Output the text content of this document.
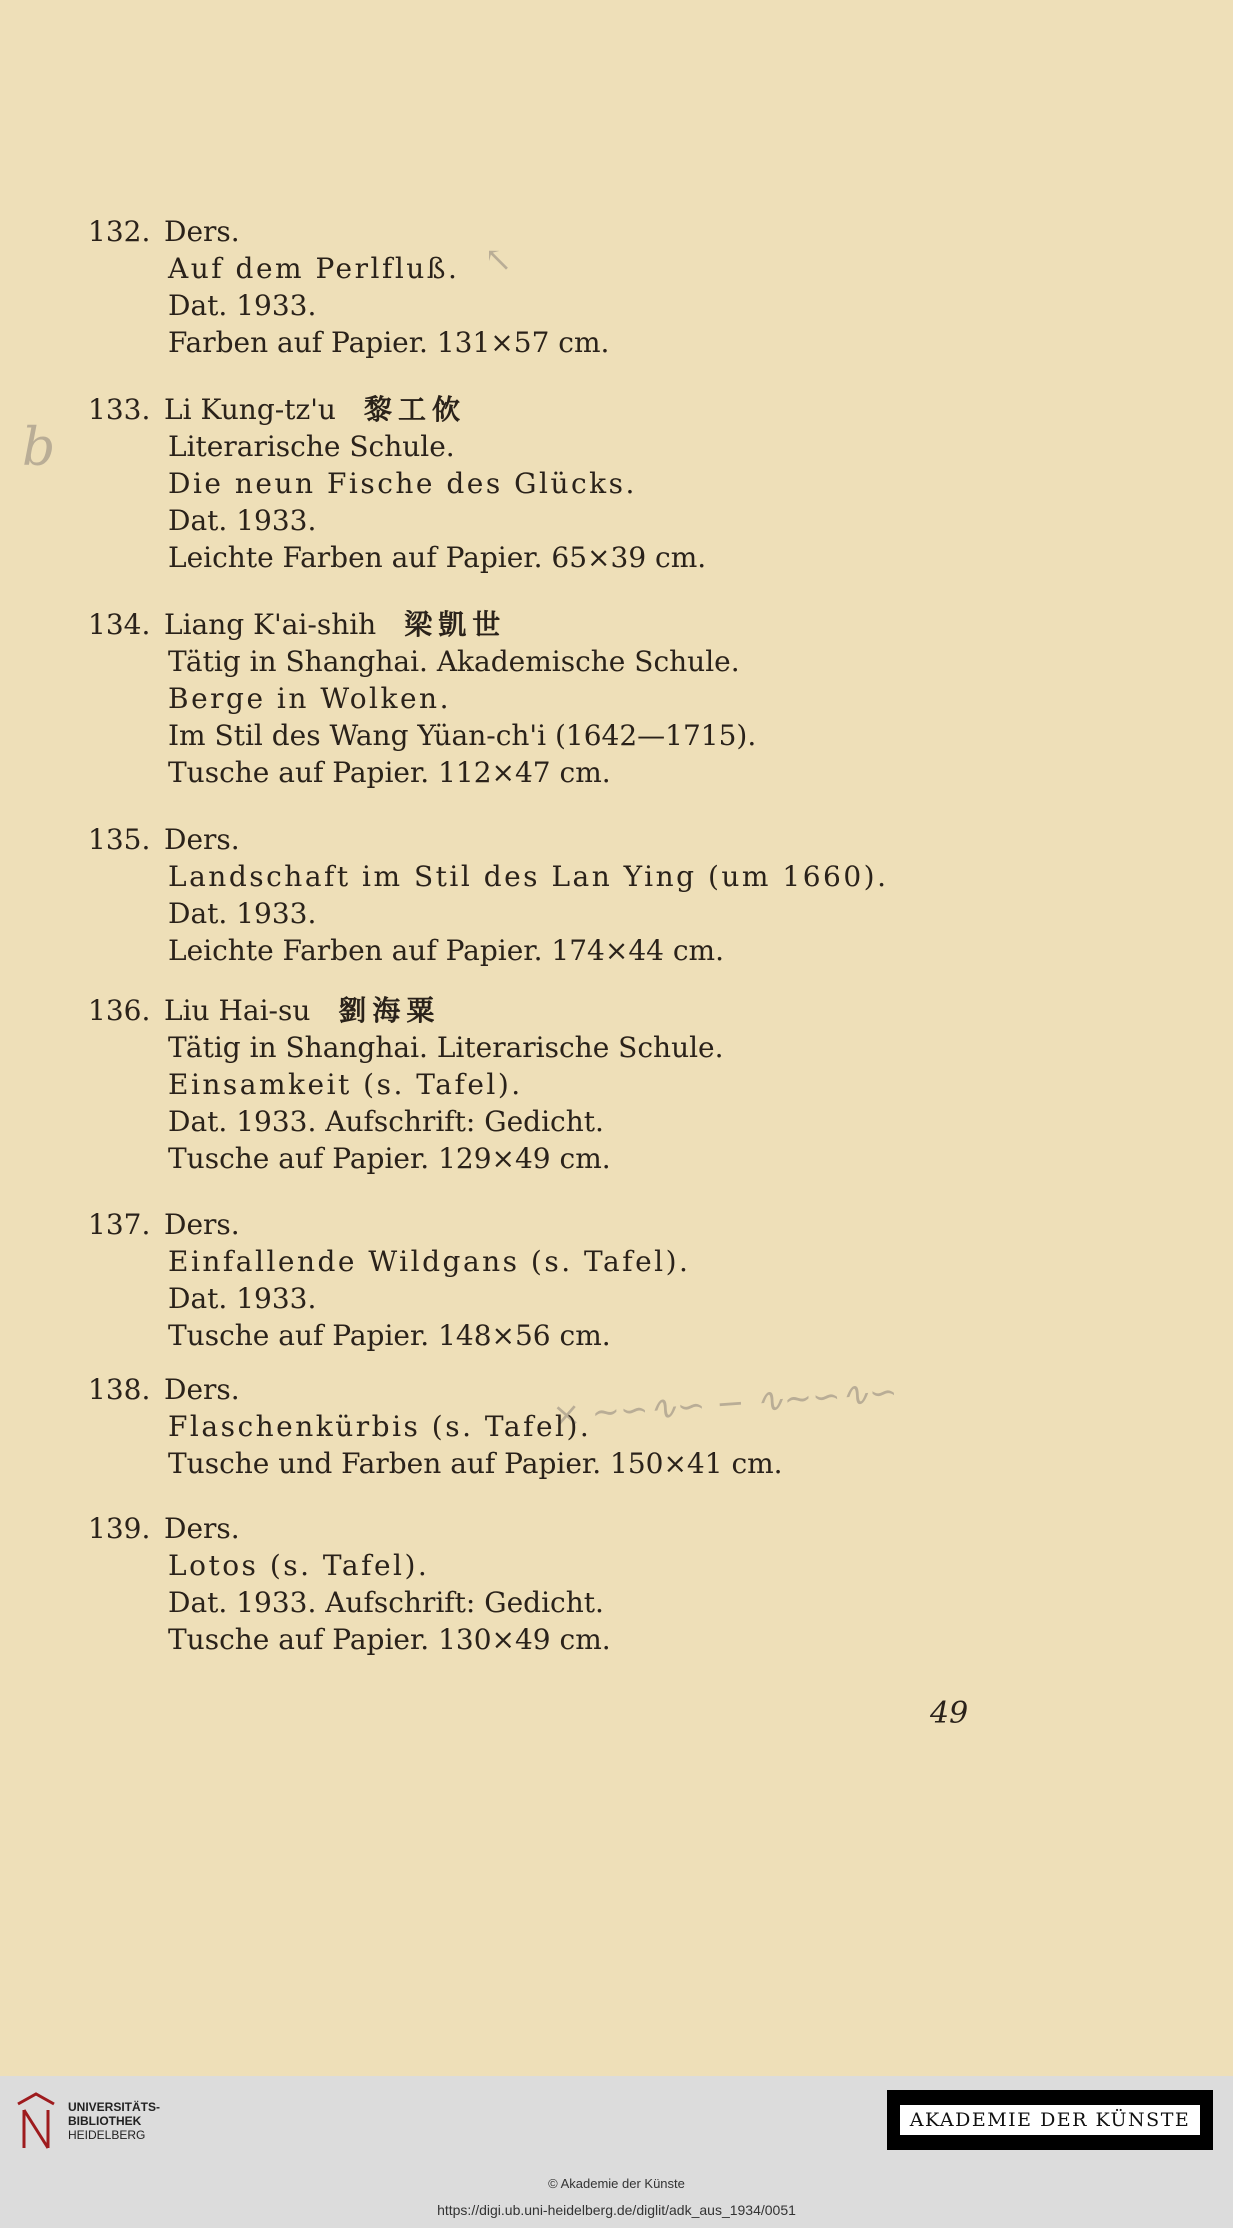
↖
b
× ∼∽∿∽ − ∿∼∽∿∽
132. Ders.
Auf dem Perlfluß.
Dat. 1933.
Farben auf Papier. 131×57 cm.
133. Li Kung-tz'u 黎工佽
Literarische Schule.
Die neun Fische des Glücks.
Dat. 1933.
Leichte Farben auf Papier. 65×39 cm.
134. Liang K'ai-shih 梁凱世
Tätig in Shanghai. Akademische Schule.
Berge in Wolken.
Im Stil des Wang Yüan-ch'i (1642—1715).
Tusche auf Papier. 112×47 cm.
135. Ders.
Landschaft im Stil des Lan Ying (um 1660).
Dat. 1933.
Leichte Farben auf Papier. 174×44 cm.
136. Liu Hai-su 劉海粟
Tätig in Shanghai. Literarische Schule.
Einsamkeit (s. Tafel).
Dat. 1933. Aufschrift: Gedicht.
Tusche auf Papier. 129×49 cm.
137. Ders.
Einfallende Wildgans (s. Tafel).
Dat. 1933.
Tusche auf Papier. 148×56 cm.
138. Ders.
Flaschenkürbis (s. Tafel).
Tusche und Farben auf Papier. 150×41 cm.
139. Ders.
Lotos (s. Tafel).
Dat. 1933. Aufschrift: Gedicht.
Tusche auf Papier. 130×49 cm.
49
UNIVERSITÄTS-
BIBLIOTHEK
HEIDELBERG
AKADEMIE DER KÜNSTE
© Akademie der Künste
https://digi.ub.uni-heidelberg.de/diglit/adk_aus_1934/0051
